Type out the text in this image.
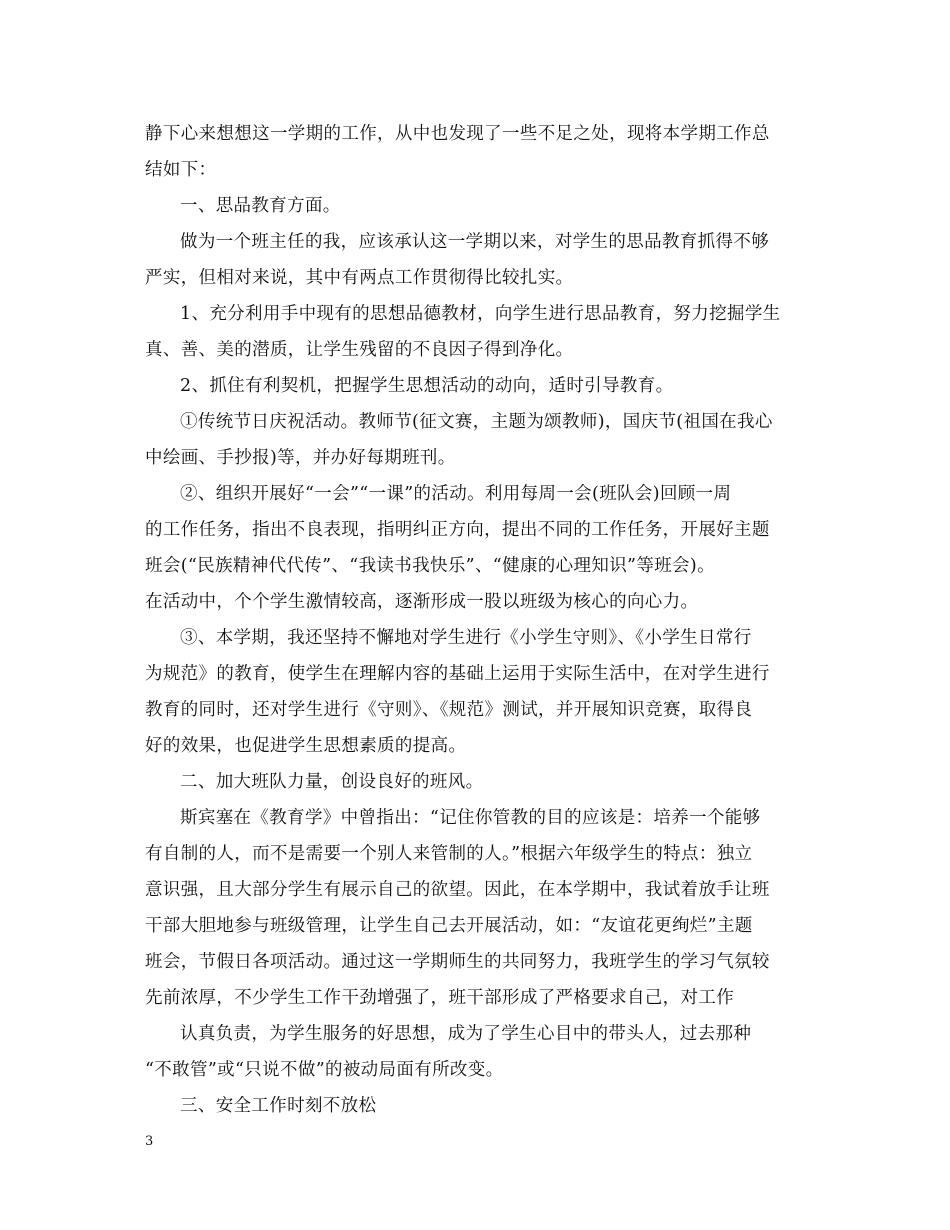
静下心来想想这一学期的工作，从中也发现了一些不足之处，现将本学期工作总
结如下：
一、思品教育方面。
做为一个班主任的我，应该承认这一学期以来，对学生的思品教育抓得不够
严实，但相对来说，其中有两点工作贯彻得比较扎实。
1、充分利用手中现有的思想品德教材，向学生进行思品教育，努力挖掘学生
真、善、美的潜质，让学生残留的不良因子得到净化。
2、抓住有利契机，把握学生思想活动的动向，适时引导教育。
①传统节日庆祝活动。教师节(征文赛，主题为颂教师)，国庆节(祖国在我心
中绘画、手抄报)等，并办好每期班刊。
②、组织开展好“一会”“一课”的活动。利用每周一会(班队会)回顾一周
的工作任务，指出不良表现，指明纠正方向，提出不同的工作任务，开展好主题
班会(“民族精神代代传”、“我读书我快乐”、“健康的心理知识”等班会)。
在活动中，个个学生激情较高，逐渐形成一股以班级为核心的向心力。
③、本学期，我还坚持不懈地对学生进行《小学生守则》、《小学生日常行
为规范》的教育，使学生在理解内容的基础上运用于实际生活中，在对学生进行
教育的同时，还对学生进行《守则》、《规范》测试，并开展知识竞赛，取得良
好的效果，也促进学生思想素质的提高。
二、加大班队力量，创设良好的班风。
斯宾塞在《教育学》中曾指出：“记住你管教的目的应该是：培养一个能够
有自制的人，而不是需要一个别人来管制的人。”根据六年级学生的特点：独立
意识强，且大部分学生有展示自己的欲望。因此，在本学期中，我试着放手让班
干部大胆地参与班级管理，让学生自己去开展活动，如：“友谊花更绚烂”主题
班会，节假日各项活动。通过这一学期师生的共同努力，我班学生的学习气氛较
先前浓厚，不少学生工作干劲增强了，班干部形成了严格要求自己，对工作
认真负责，为学生服务的好思想，成为了学生心目中的带头人，过去那种
“不敢管”或“只说不做”的被动局面有所改变。
三、安全工作时刻不放松
3
